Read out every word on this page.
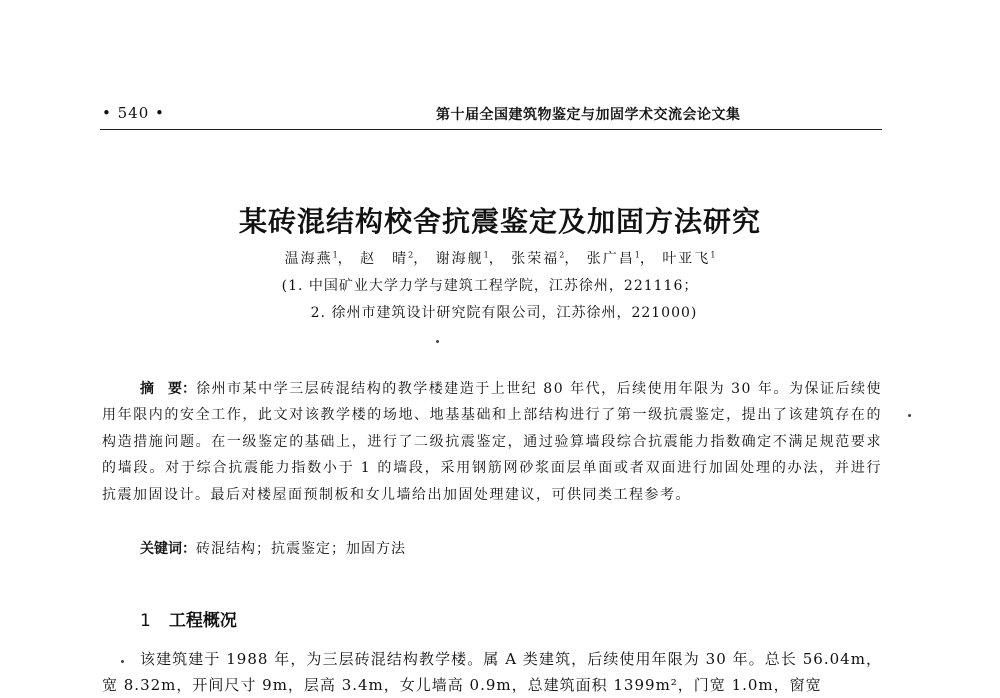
• 540 •	第十届全国建筑物鉴定与加固学术交流会论文集
某砖混结构校舍抗震鉴定及加固方法研究
温海燕$^1$， 赵　晴$^2$， 谢海舰$^1$， 张荣福$^2$， 张广昌$^1$， 叶亚飞$^1$
(1. 中国矿业大学力学与建筑工程学院，江苏徐州，221116；
2. 徐州市建筑设计研究院有限公司，江苏徐州，221000)
摘　要：徐州市某中学三层砖混结构的教学楼建造于上世纪 80 年代，后续使用年限为 30 年。为保证后续使用年限内的安全工作，此文对该教学楼的场地、地基基础和上部结构进行了第一级抗震鉴定，提出了该建筑存在的构造措施问题。在一级鉴定的基础上，进行了二级抗震鉴定，通过验算墙段综合抗震能力指数确定不满足规范要求的墙段。对于综合抗震能力指数小于 1 的墙段，采用钢筋网砂浆面层单面或者双面进行加固处理的办法，并进行抗震加固设计。最后对楼屋面预制板和女儿墙给出加固处理建议，可供同类工程参考。
关键词：砖混结构；抗震鉴定；加固方法
1 工程概况
该建筑建于 1988 年，为三层砖混结构教学楼。属 A 类建筑，后续使用年限为 30 年。总长 56.04m，宽 8.32m，开间尺寸 9m，层高 3.4m，女儿墙高 0.9m，总建筑面积 1399m²，门宽 1.0m，窗宽
